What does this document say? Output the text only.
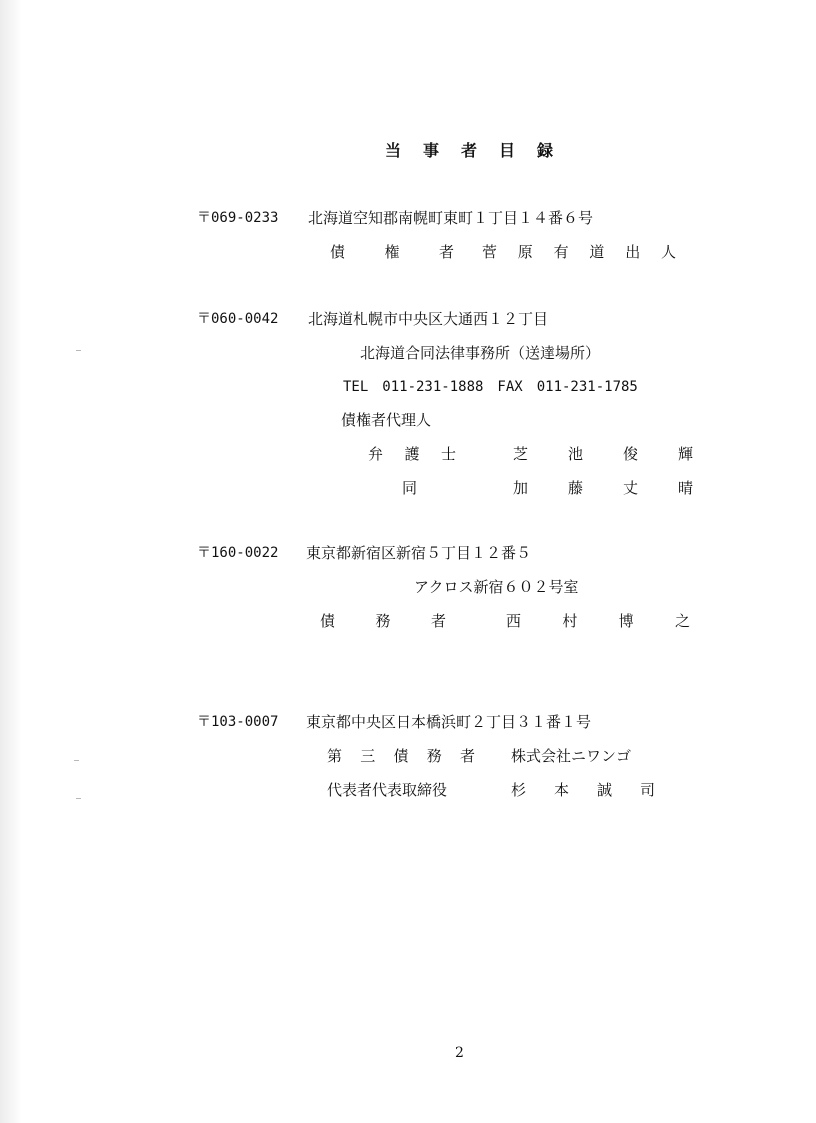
当 事 者 目 録
〒069-0233 北海道空知郡南幌町東町１丁目１４番６号
債	権	者 菅 原 有 道 出 人
〒060-0042 北海道札幌市中央区大通西１２丁目
北海道合同法律事務所（送達場所）
TEL　011-231-1888　FAX　011-231-1785
債権者代理人
弁 護 士	芝	池	俊	輝
同	加	藤	丈	晴
〒160-0022 東京都新宿区新宿５丁目１２番５
アクロス新宿６０２号室
債	務	者	西	村	博	之
〒103-0007 東京都中央区日本橋浜町２丁目３１番１号
第 三 債 務 者 株式会社ニワンゴ
代表者代表取締役	杉 本 誠 司
2
